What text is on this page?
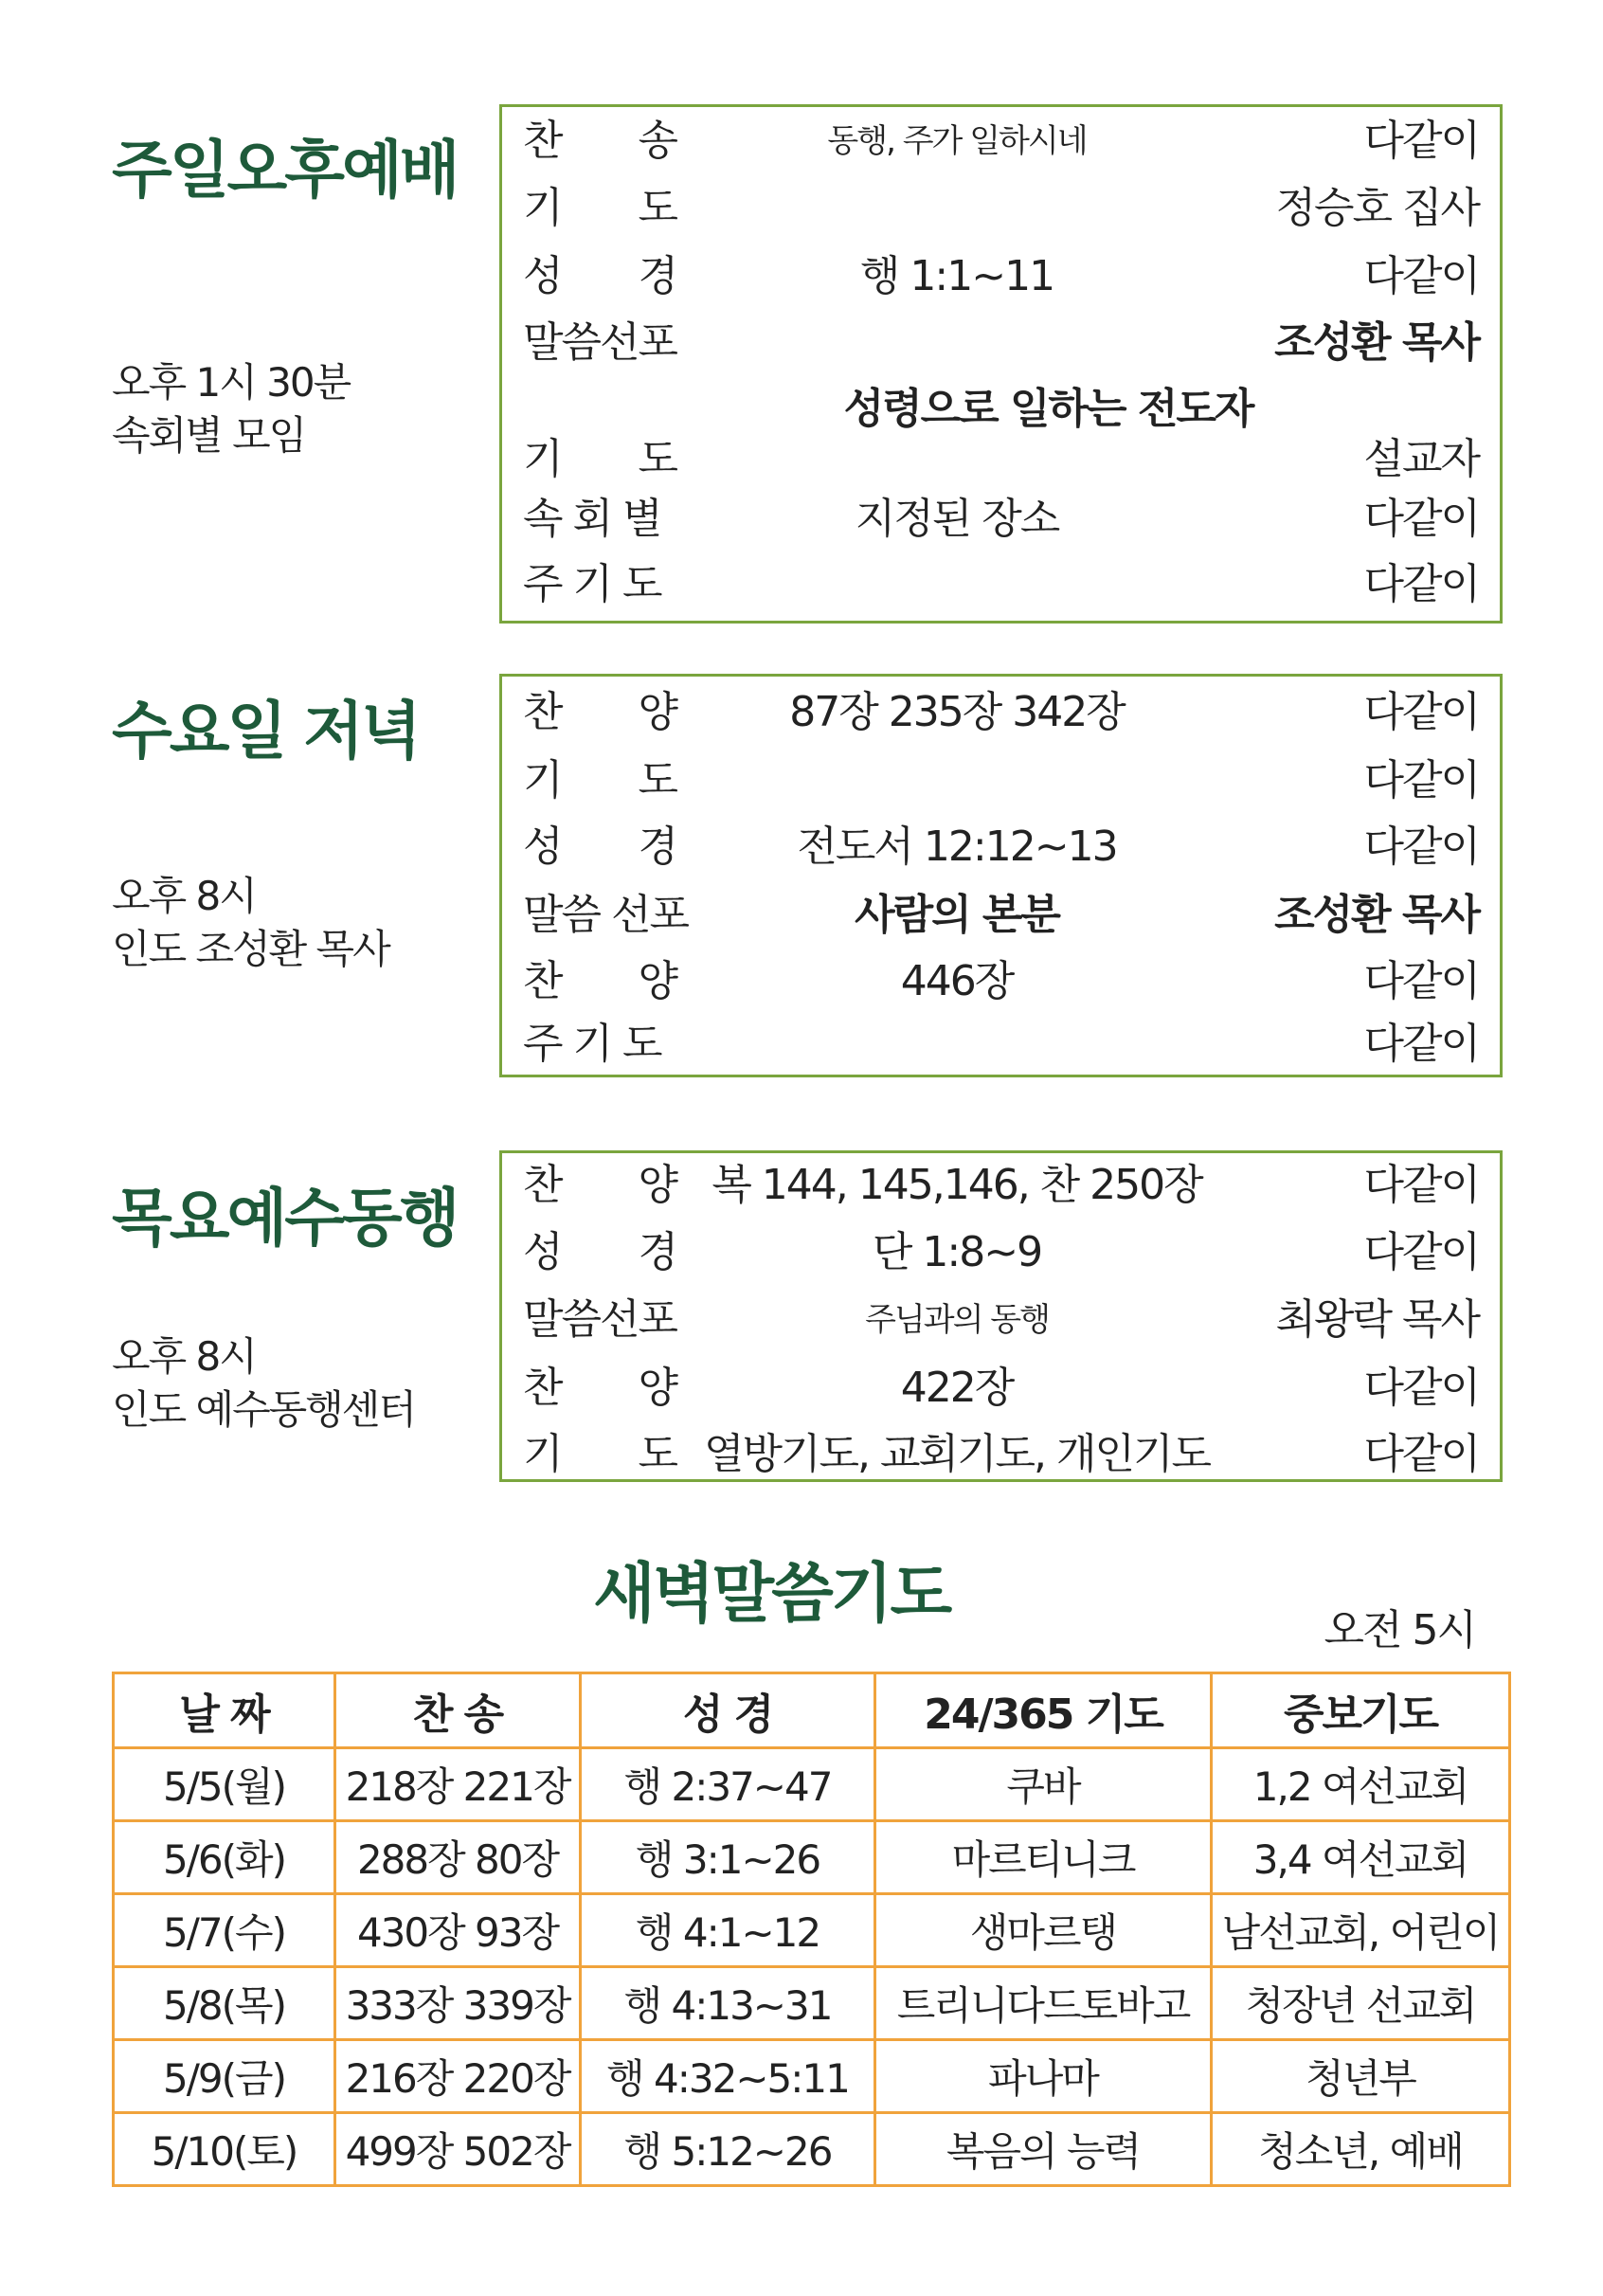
주일오후예배
오후 1시 30분
속회별 모임
찬 송	동행, 주가 일하시네	다같이
기 도	정승호 집사
성 경	행 1:1~11	다같이
말씀선포	조성환 목사
성령으로 일하는 전도자
기 도	설교자
속 회 별	지정된 장소	다같이
주 기 도	다같이
수요일 저녁
오후 8시
인도 조성환 목사
찬 양	87장 235장 342장	다같이
기 도	다같이
성 경	전도서 12:12~13	다같이
말씀 선포	사람의 본분	조성환 목사
찬 양	446장	다같이
주 기 도	다같이
목요예수동행
오후 8시
인도 예수동행센터
찬 양 복 144, 145,146, 찬 250장	다같이
성 경	단 1:8~9	다같이
말씀선포	주님과의 동행	최왕락 목사
찬 양	422장	다같이
기 도 열방기도, 교회기도, 개인기도	다같이
새벽말씀기도	오전 5시
날 짜	찬 송	성 경	24/365 기도	중보기도
5/5(월)	218장 221장	행 2:37~47	쿠바	1,2 여선교회
5/6(화)	288장 80장	행 3:1~26	마르티니크	3,4 여선교회
5/7(수)	430장 93장	행 4:1~12	생마르탱	남선교회, 어린이
5/8(목)	333장 339장	행 4:13~31	트리니다드토바고	청장년 선교회
5/9(금)	216장 220장	행 4:32~5:11	파나마	청년부
5/10(토)	499장 502장	행 5:12~26	복음의 능력	청소년, 예배
